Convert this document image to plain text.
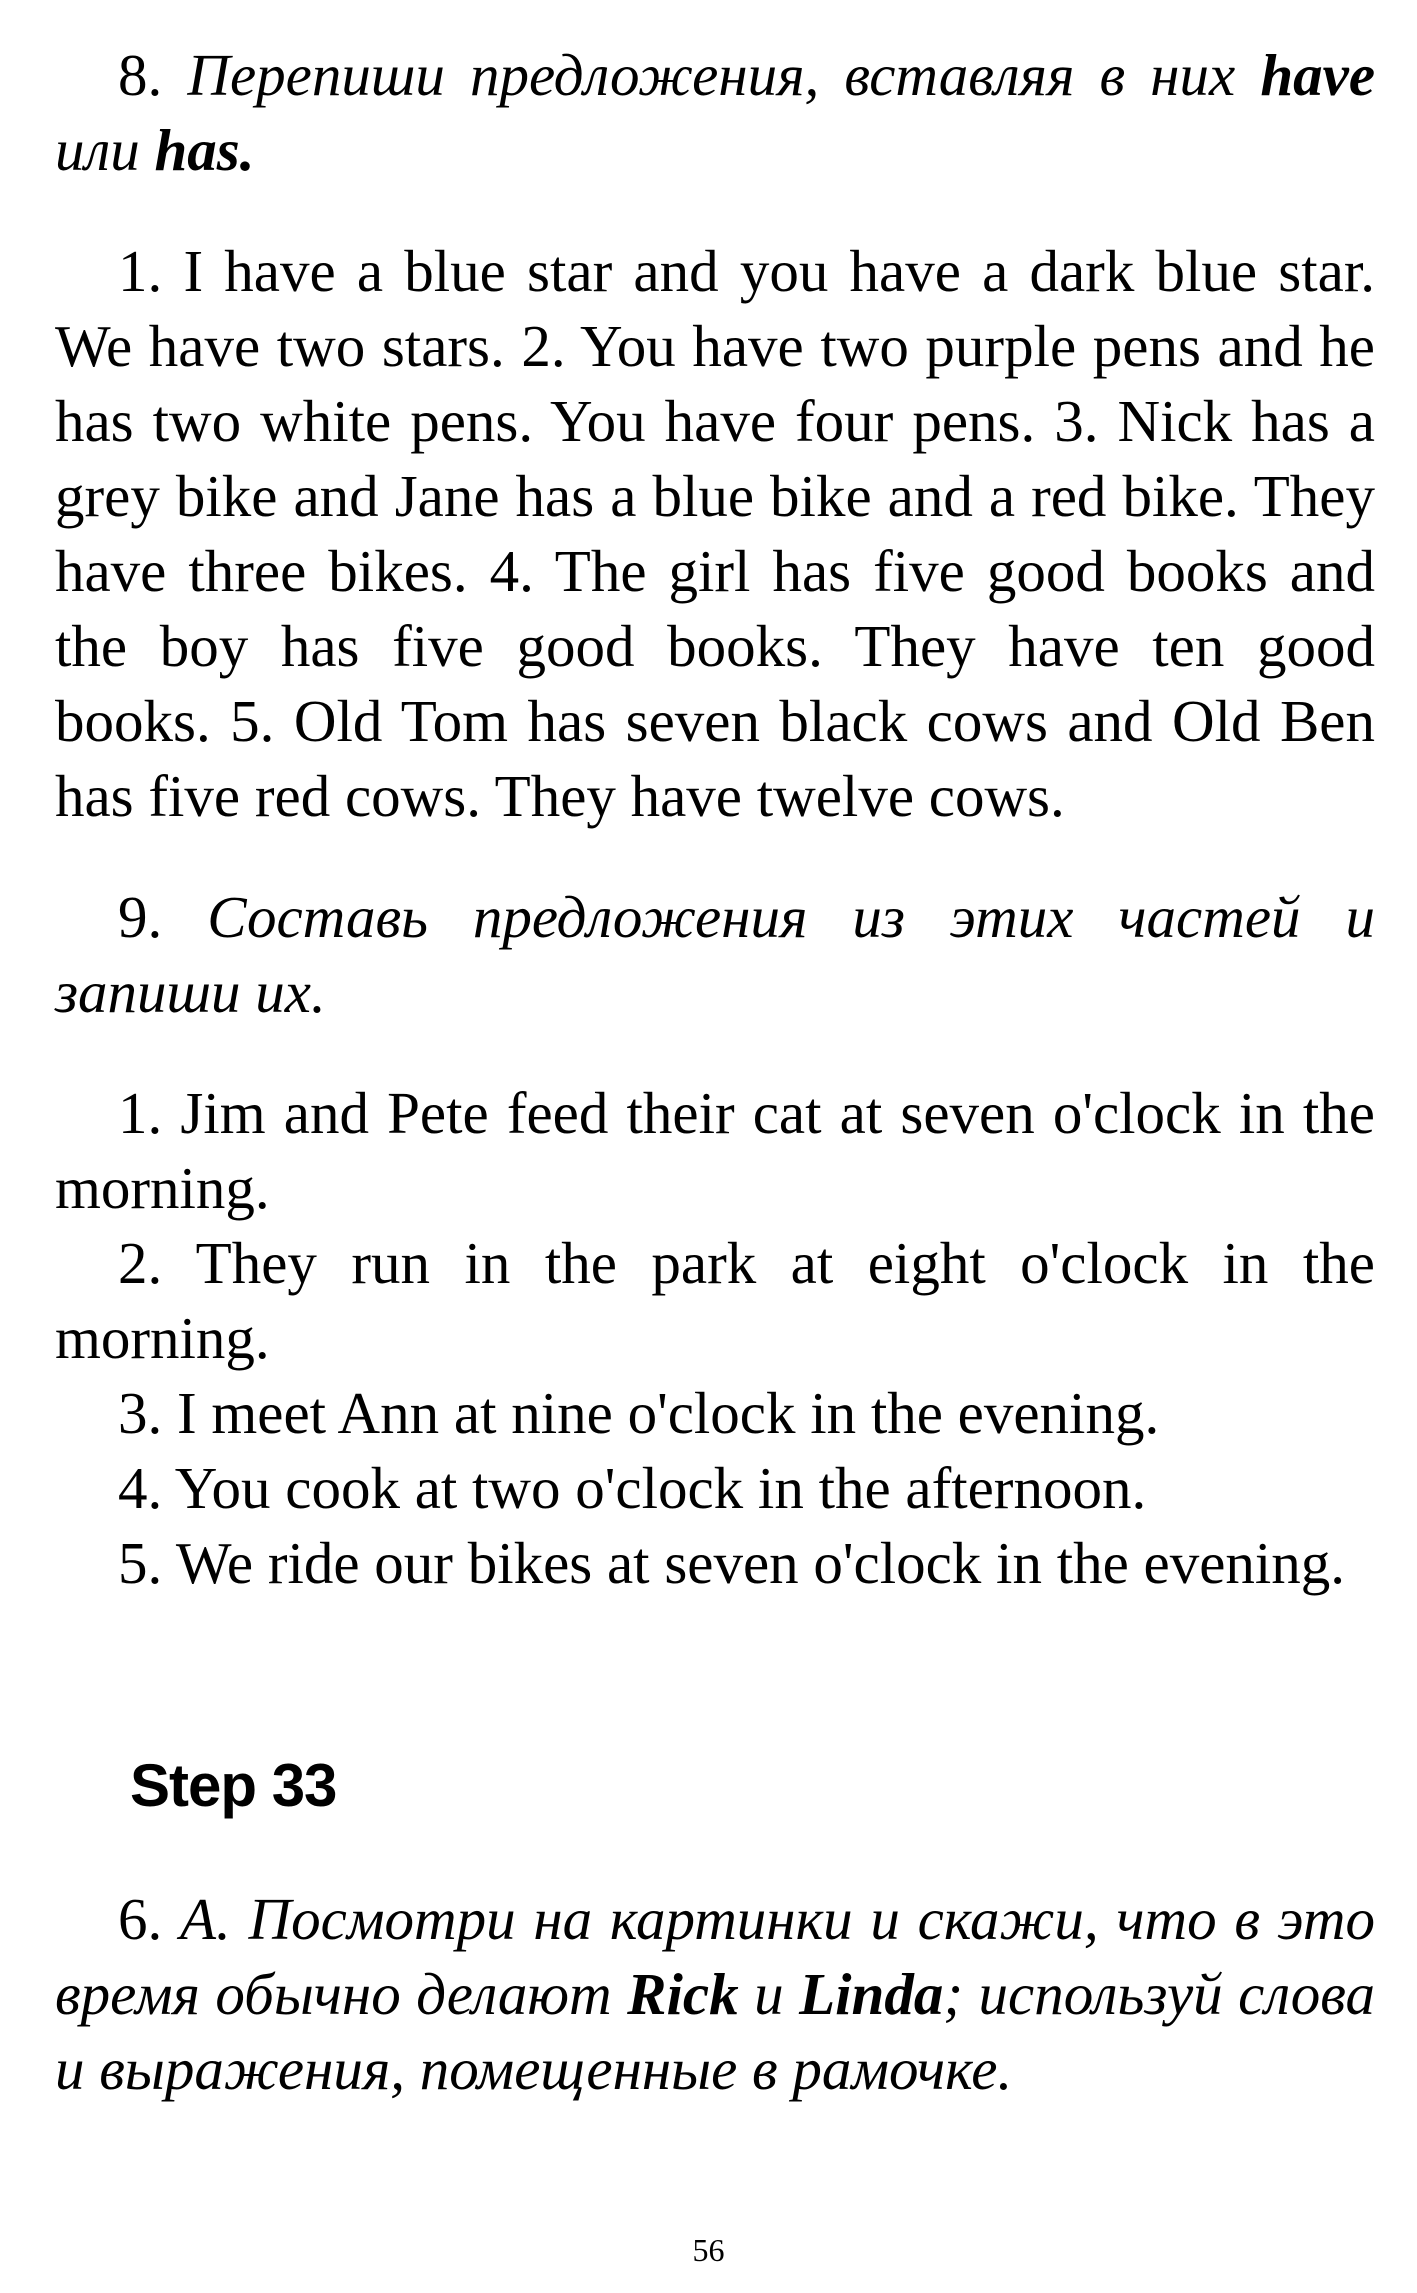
8. Перепиши предложения, вставляя в них have или has.

1. I have a blue star and you have a dark blue star. We have two stars. 2. You have two purple pens and he has two white pens. You have four pens. 3. Nick has a grey bike and Jane has a blue bike and a red bike. They have three bikes. 4. The girl has five good books and the boy has five good books. They have ten good books. 5. Old Tom has seven black cows and Old Ben has five red cows. They have twelve cows.

9. Составь предложения из этих частей и запиши их.

1. Jim and Pete feed their cat at seven o'clock in the morning.

2. They run in the park at eight o'clock in the morning.

3. I meet Ann at nine o'clock in the evening.

4. You cook at two o'clock in the afternoon.

5. We ride our bikes at seven o'clock in the evening.

Step 33

6. А. Посмотри на картинки и скажи, что в это время обычно делают Rick и Linda; используй слова и выражения, помещенные в рамочке.

56
